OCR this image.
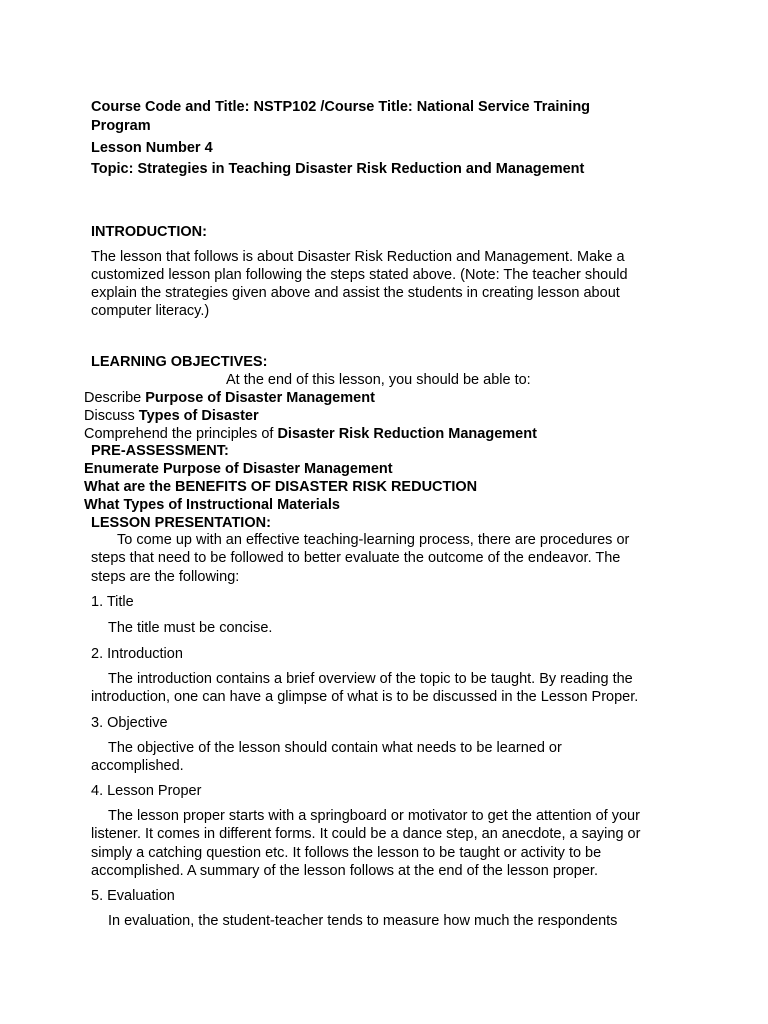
Course Code and Title: NSTP102 /Course Title: National Service Training
Program
Lesson Number 4
Topic: Strategies in Teaching Disaster Risk Reduction and Management
INTRODUCTION:
The lesson that follows is about Disaster Risk Reduction and Management. Make a
customized lesson plan following the steps stated above. (Note: The teacher should
explain the strategies given above and assist the students in creating lesson about
computer literacy.)
LEARNING OBJECTIVES:
At the end of this lesson, you should be able to:
Describe Purpose of Disaster Management
Discuss Types of Disaster
Comprehend the principles of Disaster Risk Reduction Management
PRE-ASSESSMENT:
Enumerate Purpose of Disaster Management
What are the BENEFITS OF DISASTER RISK REDUCTION
What Types of Instructional Materials
LESSON PRESENTATION:
To come up with an effective teaching-learning process, there are procedures or
steps that need to be followed to better evaluate the outcome of the endeavor. The
steps are the following:
1. Title
The title must be concise.
2. Introduction
The introduction contains a brief overview of the topic to be taught. By reading the
introduction, one can have a glimpse of what is to be discussed in the Lesson Proper.
3. Objective
The objective of the lesson should contain what needs to be learned or
accomplished.
4. Lesson Proper
The lesson proper starts with a springboard or motivator to get the attention of your
listener. It comes in different forms. It could be a dance step, an anecdote, a saying or
simply a catching question etc. It follows the lesson to be taught or activity to be
accomplished. A summary of the lesson follows at the end of the lesson proper.
5. Evaluation
In evaluation, the student-teacher tends to measure how much the respondents
